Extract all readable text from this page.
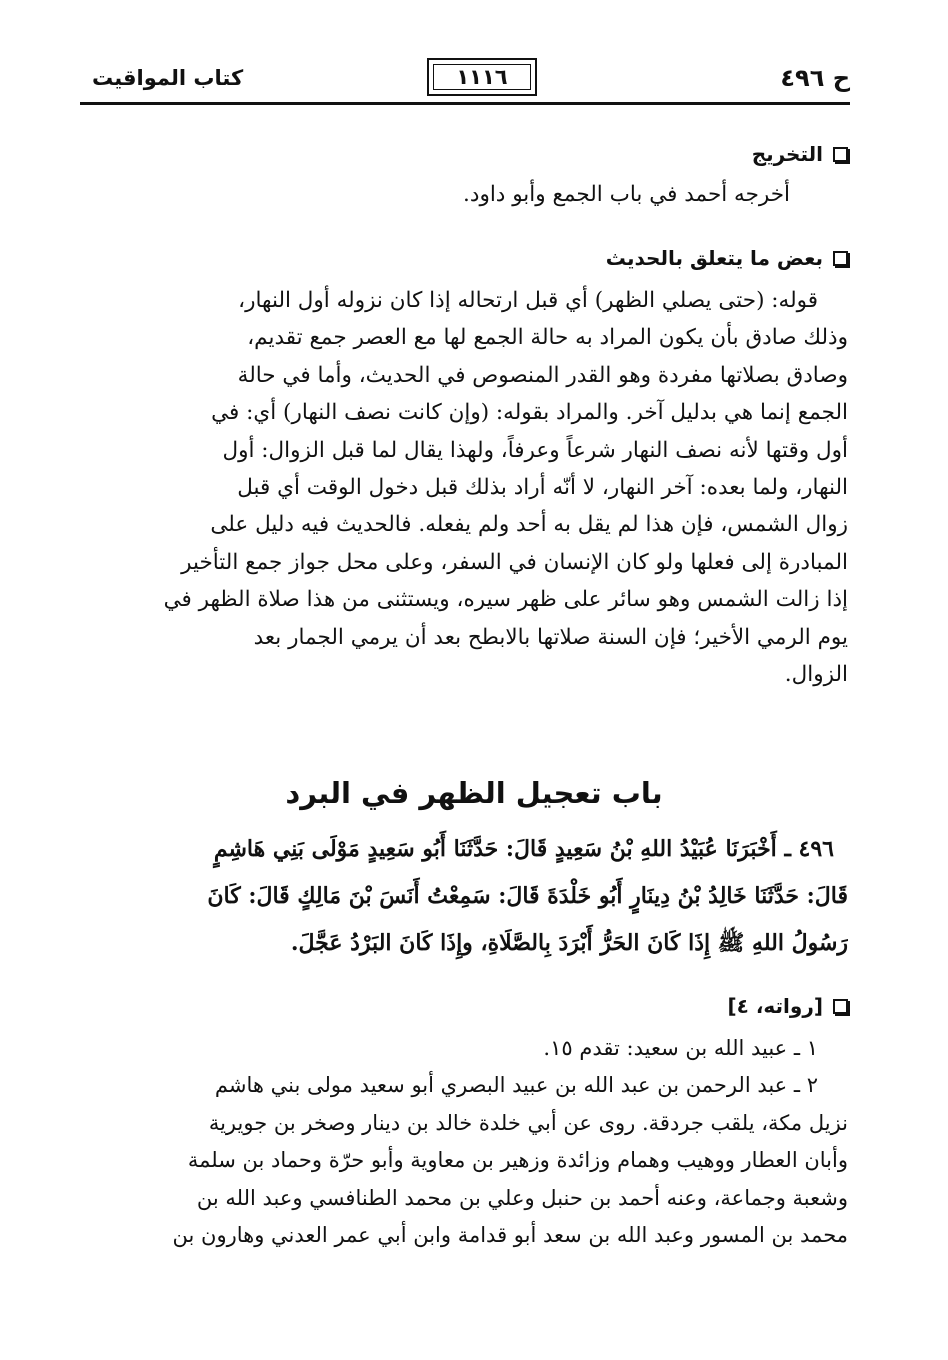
ح ٤٩٦
١١١٦
كتاب المواقيت
التخريج
أخرجه أحمد في باب الجمع وأبو داود.
بعض ما يتعلق بالحديث
قوله: (حتى يصلي الظهر) أي قبل ارتحاله إذا كان نزوله أول النهار،
وذلك صادق بأن يكون المراد به حالة الجمع لها مع العصر جمع تقديم،
وصادق بصلاتها مفردة وهو القدر المنصوص في الحديث، وأما في حالة
الجمع إنما هي بدليل آخر. والمراد بقوله: (وإن كانت نصف النهار) أي: في
أول وقتها لأنه نصف النهار شرعاً وعرفاً، ولهذا يقال لما قبل الزوال: أول
النهار، ولما بعده: آخر النهار، لا أنّه أراد بذلك قبل دخول الوقت أي قبل
زوال الشمس، فإن هذا لم يقل به أحد ولم يفعله. فالحديث فيه دليل على
المبادرة إلى فعلها ولو كان الإنسان في السفر، وعلى محل جواز جمع التأخير
إذا زالت الشمس وهو سائر على ظهر سيره، ويستثنى من هذا صلاة الظهر في
يوم الرمي الأخير؛ فإن السنة صلاتها بالابطح بعد أن يرمي الجمار بعد
الزوال.
باب تعجيل الظهر في البرد
٤٩٦ ـ أَخْبَرَنَا عُبَيْدُ اللهِ بْنُ سَعِيدٍ قَالَ: حَدَّثَنَا أَبُو سَعِيدٍ مَوْلَى بَنِي هَاشِمٍ
قَالَ: حَدَّثَنَا خَالِدُ بْنُ دِينَارٍ أَبُو خَلْدَةَ قَالَ: سَمِعْتُ أَنَسَ بْنَ مَالِكٍ قَالَ: كَانَ
رَسُولُ اللهِ ﷺ إِذَا كَانَ الحَرُّ أَبْرَدَ بِالصَّلَاةِ، وإِذَا كَانَ البَرْدُ عَجَّلَ.
[رواته، ٤]
١ ـ عبيد الله بن سعيد: تقدم ١٥.
٢ ـ عبد الرحمن بن عبد الله بن عبيد البصري أبو سعيد مولى بني هاشم
نزيل مكة، يلقب جردقة. روى عن أبي خلدة خالد بن دينار وصخر بن جويرية
وأبان العطار ووهيب وهمام وزائدة وزهير بن معاوية وأبو حرّة وحماد بن سلمة
وشعبة وجماعة، وعنه أحمد بن حنبل وعلي بن محمد الطنافسي وعبد الله بن
محمد بن المسور وعبد الله بن سعد أبو قدامة وابن أبي عمر العدني وهارون بن
